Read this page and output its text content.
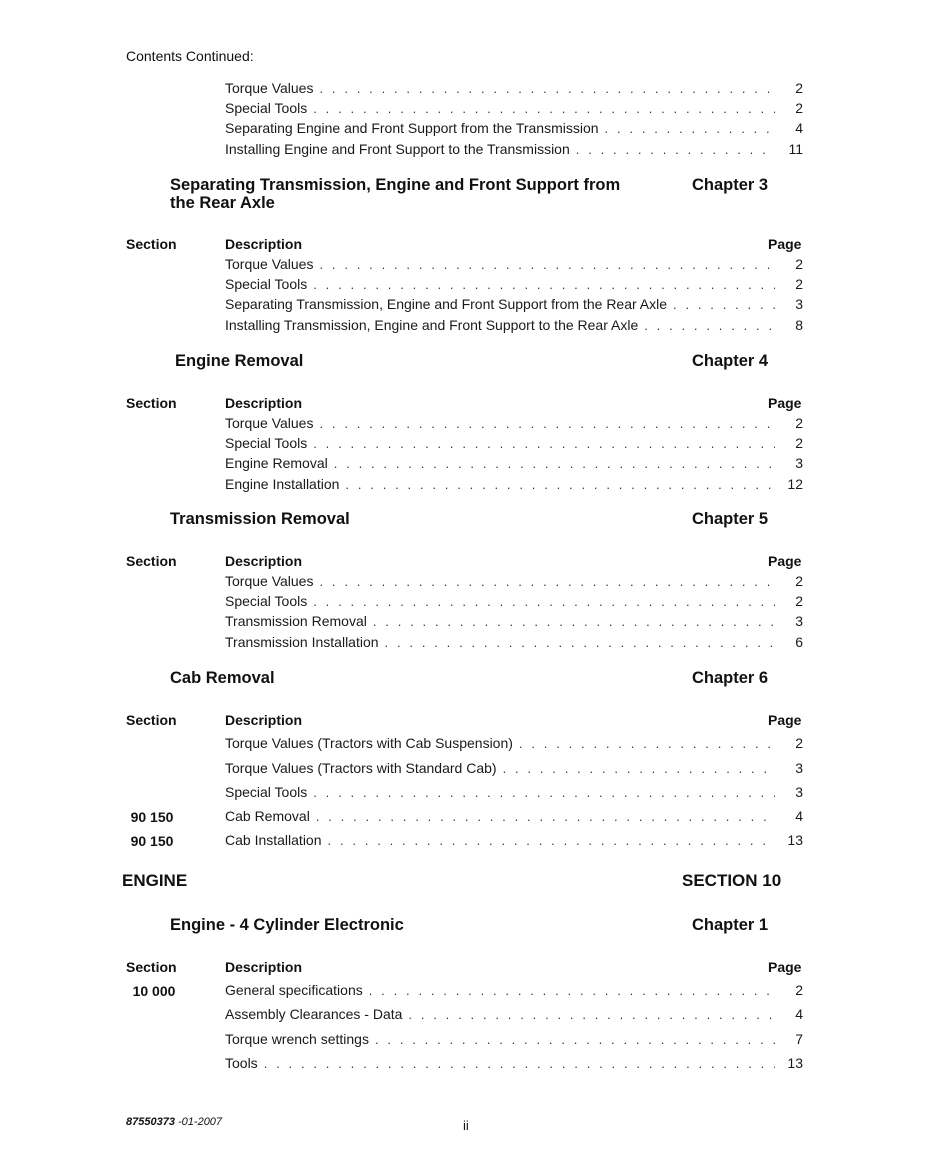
Contents Continued:
Torque Values . . .	2
Special Tools . . .	2
Separating Engine and Front Support from the Transmission . . .	4
Installing Engine and Front Support to the Transmission . . .	11
Separating Transmission, Engine and Front Support from the Rear Axle
Chapter 3
Section	Description	Page
Torque Values . . .	2
Special Tools . . .	2
Separating Transmission, Engine and Front Support from the Rear Axle . . .	3
Installing Transmission, Engine and Front Support to the Rear Axle . . .	8
Engine Removal	Chapter 4
Section	Description	Page
Torque Values . . .	2
Special Tools . . .	2
Engine Removal . . .	3
Engine Installation . . .	12
Transmission Removal	Chapter 5
Section	Description	Page
Torque Values . . .	2
Special Tools . . .	2
Transmission Removal . . .	3
Transmission Installation . . .	6
Cab Removal	Chapter 6
Section	Description	Page
Torque Values (Tractors with Cab Suspension) . . .	2
Torque Values (Tractors with Standard Cab) . . .	3
Special Tools . . .	3
90 150	Cab Removal . . .	4
90 150	Cab Installation . . .	13
ENGINE	SECTION 10
Engine - 4 Cylinder Electronic	Chapter 1
Section	Description	Page
10 000	General specifications . . .	2
Assembly Clearances - Data . . .	4
Torque wrench settings . . .	7
Tools . . .	13
87550373 -01-2007	ii
